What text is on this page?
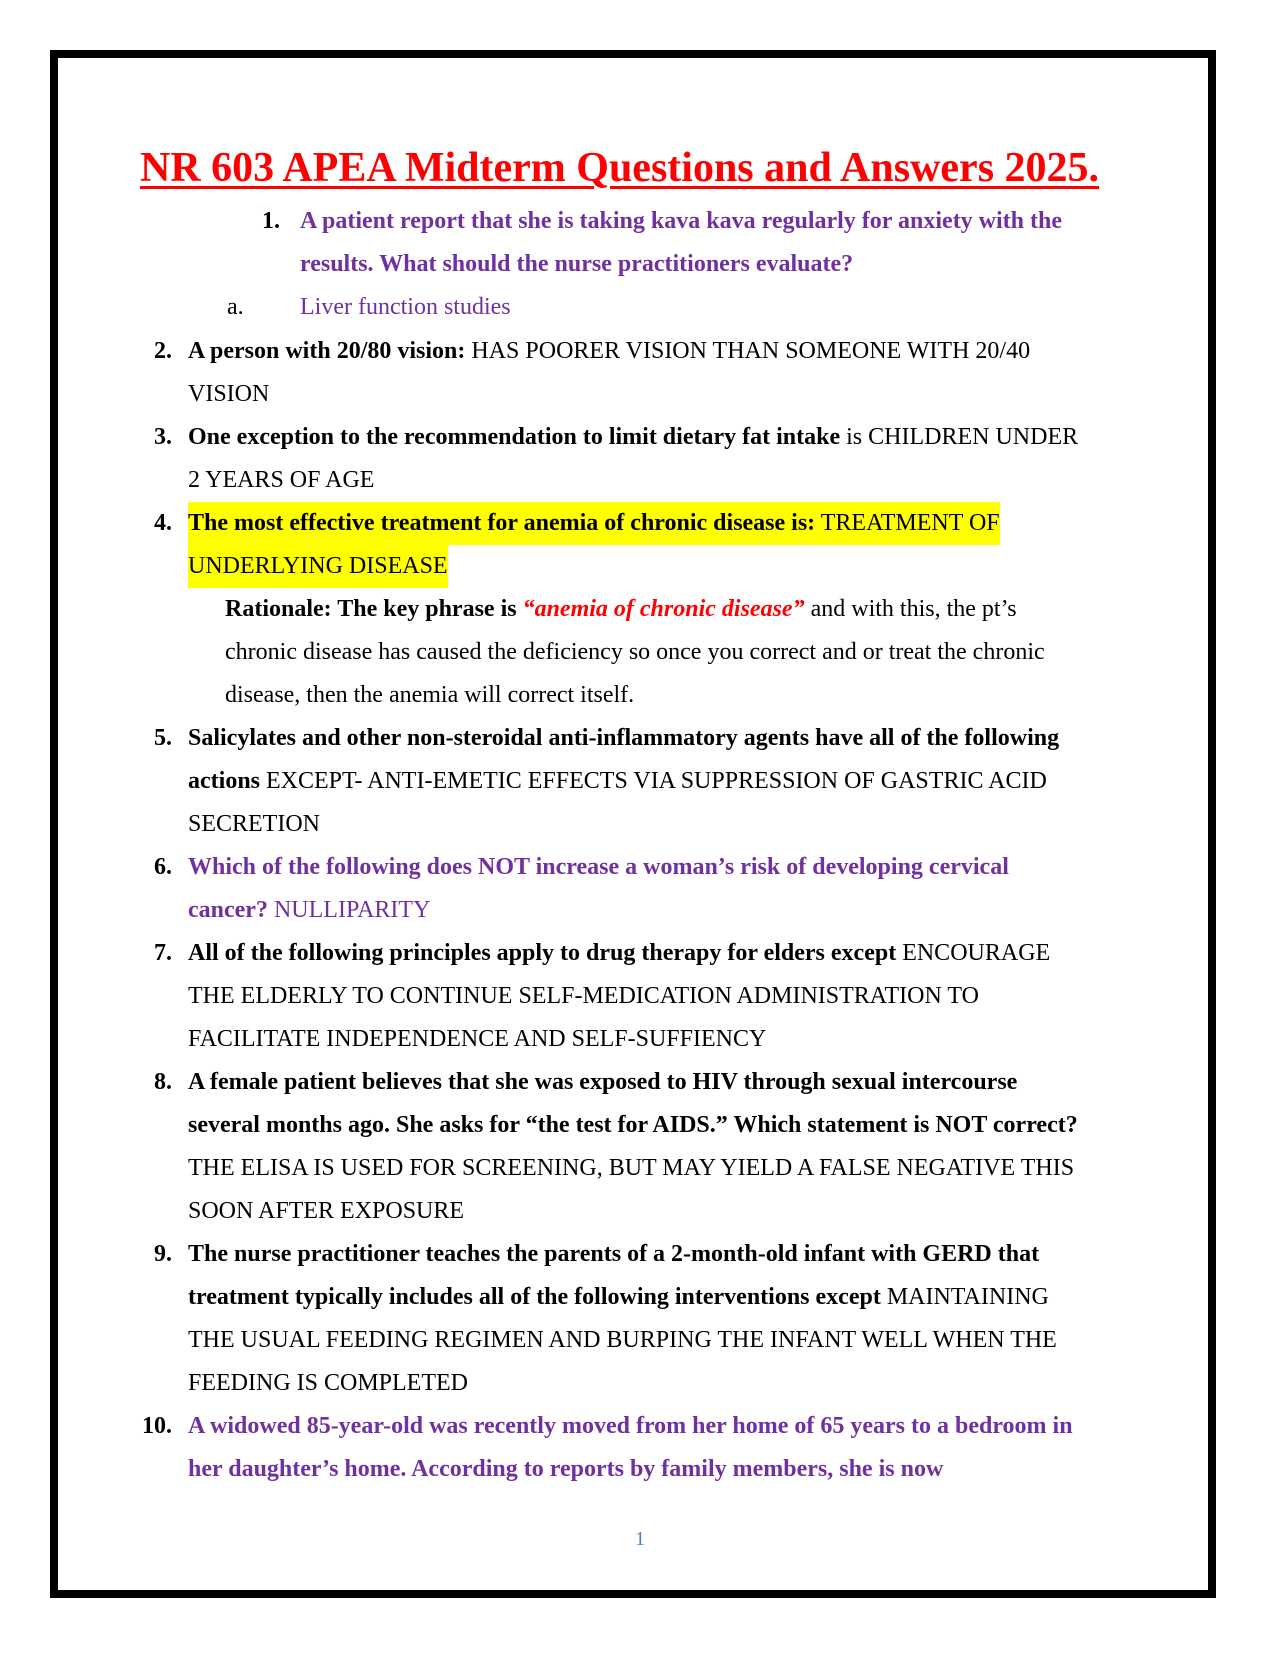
NR 603 APEA Midterm Questions and Answers 2025.
1. A patient report that she is taking kava kava regularly for anxiety with the
results. What should the nurse practitioners evaluate?
a. Liver function studies
2. A person with 20/80 vision: HAS POORER VISION THAN SOMEONE WITH 20/40
VISION
3. One exception to the recommendation to limit dietary fat intake is CHILDREN UNDER
2 YEARS OF AGE
4. The most effective treatment for anemia of chronic disease is: TREATMENT OF
UNDERLYING DISEASE
Rationale: The key phrase is “anemia of chronic disease” and with this, the pt’s
chronic disease has caused the deficiency so once you correct and or treat the chronic
disease, then the anemia will correct itself.
5. Salicylates and other non-steroidal anti-inflammatory agents have all of the following
actions EXCEPT- ANTI-EMETIC EFFECTS VIA SUPPRESSION OF GASTRIC ACID
SECRETION
6. Which of the following does NOT increase a woman’s risk of developing cervical
cancer? NULLIPARITY
7. All of the following principles apply to drug therapy for elders except ENCOURAGE
THE ELDERLY TO CONTINUE SELF-MEDICATION ADMINISTRATION TO
FACILITATE INDEPENDENCE AND SELF-SUFFIENCY
8. A female patient believes that she was exposed to HIV through sexual intercourse
several months ago. She asks for “the test for AIDS.” Which statement is NOT correct?
THE ELISA IS USED FOR SCREENING, BUT MAY YIELD A FALSE NEGATIVE THIS
SOON AFTER EXPOSURE
9. The nurse practitioner teaches the parents of a 2-month-old infant with GERD that
treatment typically includes all of the following interventions except MAINTAINING
THE USUAL FEEDING REGIMEN AND BURPING THE INFANT WELL WHEN THE
FEEDING IS COMPLETED
10. A widowed 85-year-old was recently moved from her home of 65 years to a bedroom in
her daughter’s home. According to reports by family members, she is now
1
